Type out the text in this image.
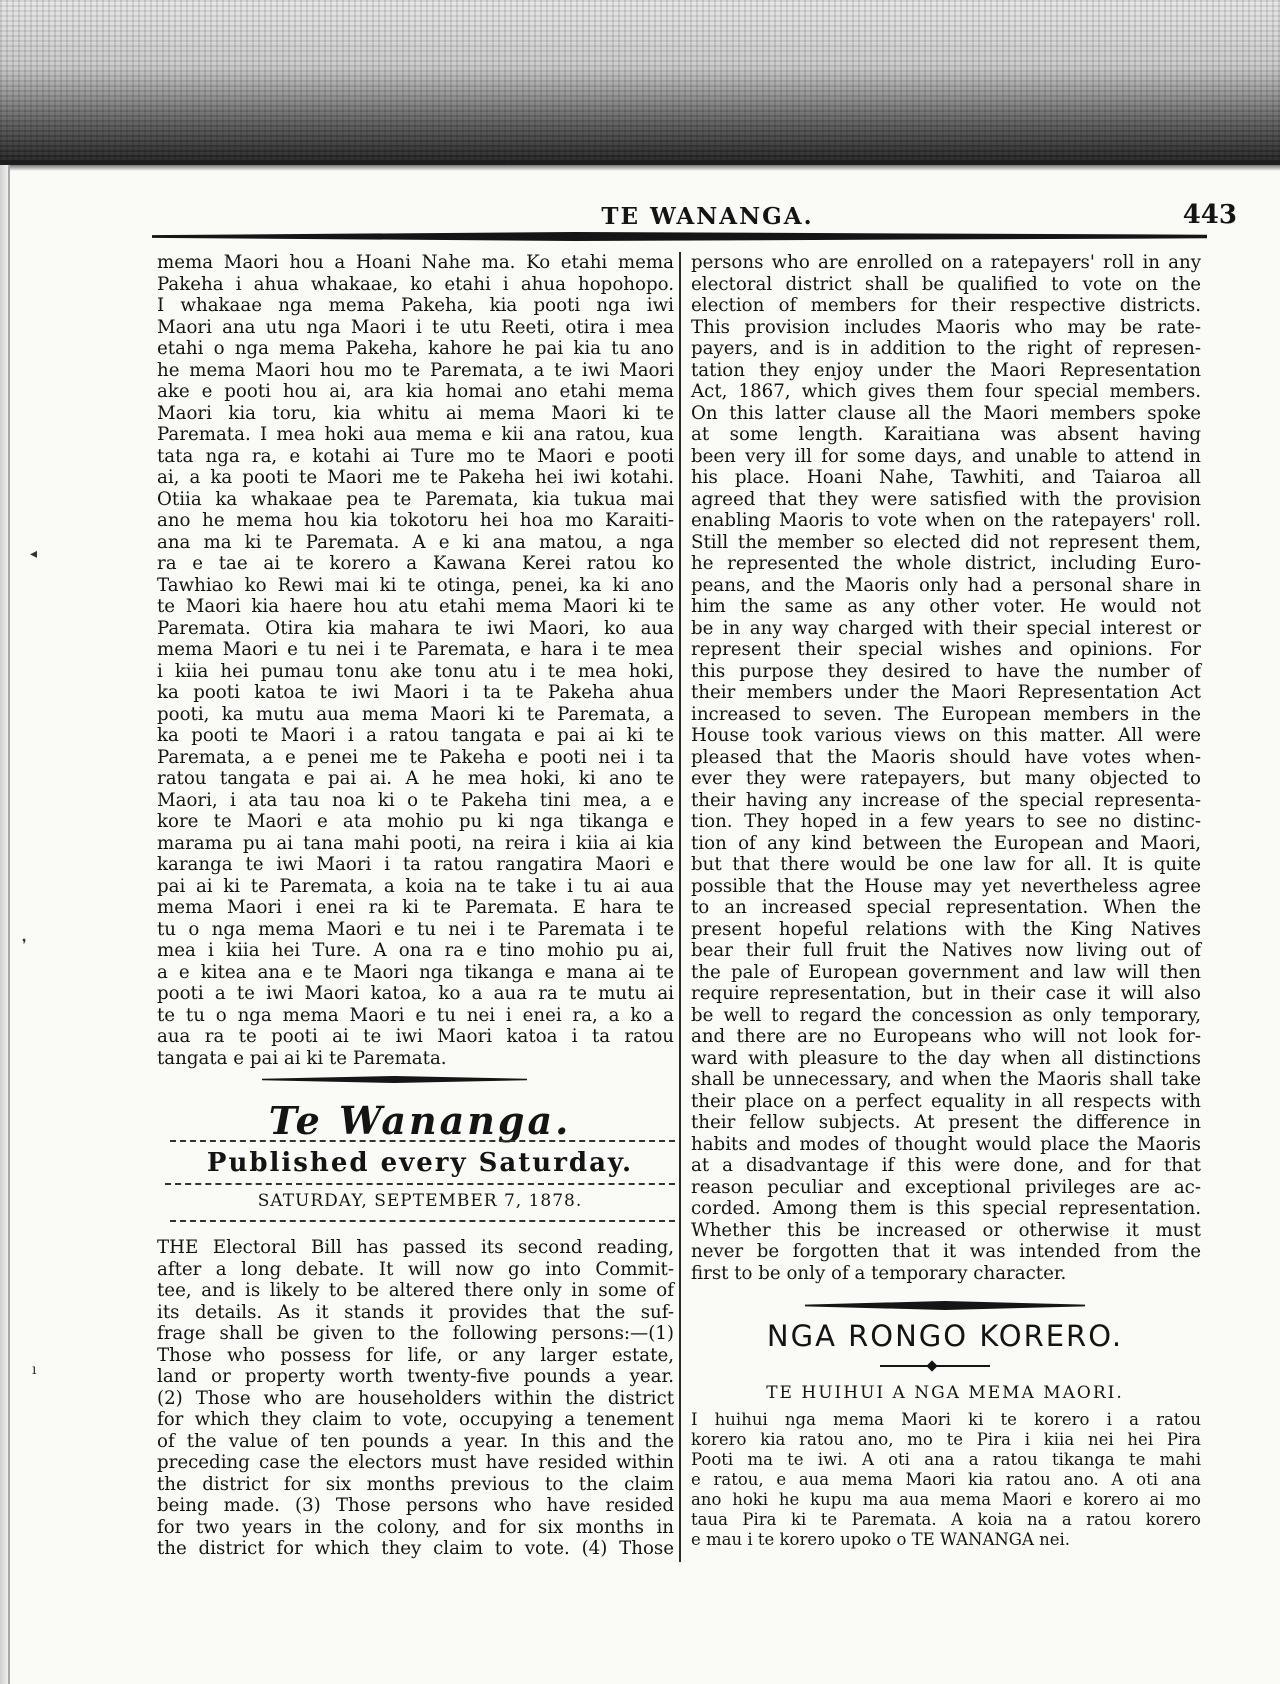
TE WANANGA.	443
mema Maori hou a Hoani Nahe ma. Ko etahi mema
Pakeha i ahua whakaae, ko etahi i ahua hopohopo.
I whakaae nga mema Pakeha, kia pooti nga iwi
Maori ana utu nga Maori i te utu Reeti, otira i mea
etahi o nga mema Pakeha, kahore he pai kia tu ano
he mema Maori hou mo te Paremata, a te iwi Maori
ake e pooti hou ai, ara kia homai ano etahi mema
Maori kia toru, kia whitu ai mema Maori ki te
Paremata. I mea hoki aua mema e kii ana ratou, kua
tata nga ra, e kotahi ai Ture mo te Maori e pooti
ai, a ka pooti te Maori me te Pakeha hei iwi kotahi.
Otiia ka whakaae pea te Paremata, kia tukua mai
ano he mema hou kia tokotoru hei hoa mo Karaiti-
ana ma ki te Paremata. A e ki ana matou, a nga
ra e tae ai te korero a Kawana Kerei ratou ko
Tawhiao ko Rewi mai ki te otinga, penei, ka ki ano
te Maori kia haere hou atu etahi mema Maori ki te
Paremata. Otira kia mahara te iwi Maori, ko aua
mema Maori e tu nei i te Paremata, e hara i te mea
i kiia hei pumau tonu ake tonu atu i te mea hoki,
ka pooti katoa te iwi Maori i ta te Pakeha ahua
pooti, ka mutu aua mema Maori ki te Paremata, a
ka pooti te Maori i a ratou tangata e pai ai ki te
Paremata, a e penei me te Pakeha e pooti nei i ta
ratou tangata e pai ai. A he mea hoki, ki ano te
Maori, i ata tau noa ki o te Pakeha tini mea, a e
kore te Maori e ata mohio pu ki nga tikanga e
marama pu ai tana mahi pooti, na reira i kiia ai kia
karanga te iwi Maori i ta ratou rangatira Maori e
pai ai ki te Paremata, a koia na te take i tu ai aua
mema Maori i enei ra ki te Paremata. E hara te
tu o nga mema Maori e tu nei i te Paremata i te
mea i kiia hei Ture. A ona ra e tino mohio pu ai,
a e kitea ana e te Maori nga tikanga e mana ai te
pooti a te iwi Maori katoa, ko a aua ra te mutu ai
te tu o nga mema Maori e tu nei i enei ra, a ko a
aua ra te pooti ai te iwi Maori katoa i ta ratou
tangata e pai ai ki te Paremata.
Te Wananga.
Published every Saturday.
SATURDAY, SEPTEMBER 7, 1878.
THE Electoral Bill has passed its second reading,
after a long debate. It will now go into Commit-
tee, and is likely to be altered there only in some of
its details. As it stands it provides that the suf-
frage shall be given to the following persons:—(1)
Those who possess for life, or any larger estate,
land or property worth twenty-five pounds a year.
(2) Those who are householders within the district
for which they claim to vote, occupying a tenement
of the value of ten pounds a year. In this and the
preceding case the electors must have resided within
the district for six months previous to the claim
being made. (3) Those persons who have resided
for two years in the colony, and for six months in
the district for which they claim to vote. (4) Those
persons who are enrolled on a ratepayers' roll in any
electoral district shall be qualified to vote on the
election of members for their respective districts.
This provision includes Maoris who may be rate-
payers, and is in addition to the right of represen-
tation they enjoy under the Maori Representation
Act, 1867, which gives them four special members.
On this latter clause all the Maori members spoke
at some length. Karaitiana was absent having
been very ill for some days, and unable to attend in
his place. Hoani Nahe, Tawhiti, and Taiaroa all
agreed that they were satisfied with the provision
enabling Maoris to vote when on the ratepayers' roll.
Still the member so elected did not represent them,
he represented the whole district, including Euro-
peans, and the Maoris only had a personal share in
him the same as any other voter. He would not
be in any way charged with their special interest or
represent their special wishes and opinions. For
this purpose they desired to have the number of
their members under the Maori Representation Act
increased to seven. The European members in the
House took various views on this matter. All were
pleased that the Maoris should have votes when-
ever they were ratepayers, but many objected to
their having any increase of the special representa-
tion. They hoped in a few years to see no distinc-
tion of any kind between the European and Maori,
but that there would be one law for all. It is quite
possible that the House may yet nevertheless agree
to an increased special representation. When the
present hopeful relations with the King Natives
bear their full fruit the Natives now living out of
the pale of European government and law will then
require representation, but in their case it will also
be well to regard the concession as only temporary,
and there are no Europeans who will not look for-
ward with pleasure to the day when all distinctions
shall be unnecessary, and when the Maoris shall take
their place on a perfect equality in all respects with
their fellow subjects. At present the difference in
habits and modes of thought would place the Maoris
at a disadvantage if this were done, and for that
reason peculiar and exceptional privileges are ac-
corded. Among them is this special representation.
Whether this be increased or otherwise it must
never be forgotten that it was intended from the
first to be only of a temporary character.
NGA RONGO KORERO.
TE HUIHUI A NGA MEMA MAORI.
I huihui nga mema Maori ki te korero i a ratou
korero kia ratou ano, mo te Pira i kiia nei hei Pira
Pooti ma te iwi. A oti ana a ratou tikanga te mahi
e ratou, e aua mema Maori kia ratou ano. A oti ana
ano hoki he kupu ma aua mema Maori e korero ai mo
taua Pira ki te Paremata. A koia na a ratou korero
e mau i te korero upoko o TE WANANGA nei.
◂
❜
ı
